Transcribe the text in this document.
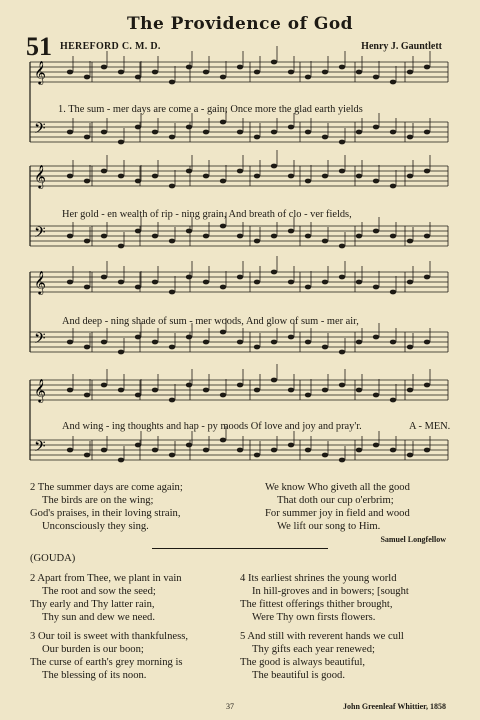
The Providence of God
51 HEREFORD C. M. D.	Henry J. Gauntlett
𝄞
𝄢
𝄞
𝄢
𝄞
𝄢
𝄞
𝄢
1. The sum - mer days are come a - gain; Once more the glad earth yields
Her gold - en wealth of rip - ning grain, And breath of clo - ver fields,
And deep - ning shade of sum - mer woods, And glow of sum - mer air,
And wing - ing thoughts and hap - py moods Of love and joy and pray'r.	A - MEN.
2 The summer days are come again;
The birds are on the wing;
God's praises, in their loving strain,
Unconsciously they sing.
We know Who giveth all the good
That doth our cup o'erbrim;
For summer joy in field and wood
We lift our song to Him.
Samuel Longfellow
(GOUDA)
2 Apart from Thee, we plant in vain
The root and sow the seed;
Thy early and Thy latter rain,
Thy sun and dew we need.
3 Our toil is sweet with thankfulness,
Our burden is our boon;
The curse of earth's grey morning is
The blessing of its noon.
4 Its earliest shrines the young world
In hill-groves and in bowers; [sought
The fittest offerings thither brought,
Were Thy own firsts flowers.
5 And still with reverent hands we cull
Thy gifts each year renewed;
The good is always beautiful,
The beautiful is good.
37	John Greenleaf Whittier, 1858
